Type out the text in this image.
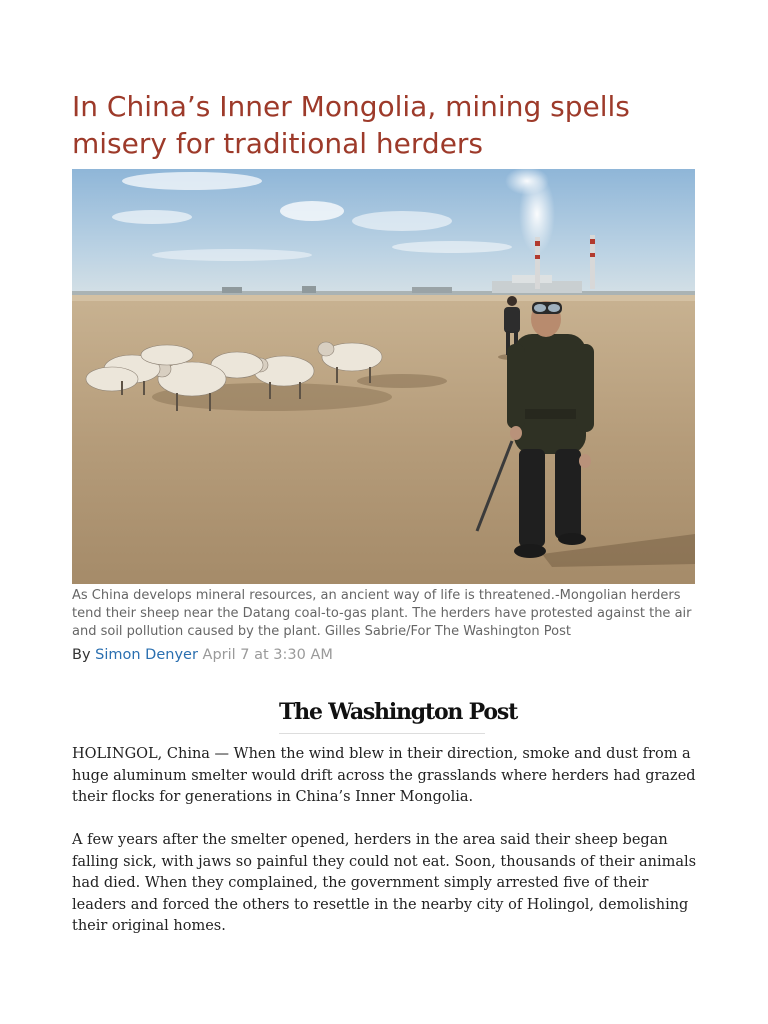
In China’s Inner Mongolia, mining spells misery for traditional herders

As China develops mineral resources, an ancient way of life is threatened.-Mongolian herders tend their sheep near the Datang coal-to-gas plant. The herders have protested against the air and soil pollution caused by the plant. Gilles Sabrie/For The Washington Post

By Simon Denyer April 7 at 3:30 AM

The Washington Post

HOLINGOL, China — When the wind blew in their direction, smoke and dust from a huge aluminum smelter would drift across the grasslands where herders had grazed their flocks for generations in China’s Inner Mongolia.

A few years after the smelter opened, herders in the area said their sheep began falling sick, with jaws so painful they could not eat. Soon, thousands of their animals had died. When they complained, the government simply arrested five of their leaders and forced the others to resettle in the nearby city of Holingol, demolishing their original homes.
